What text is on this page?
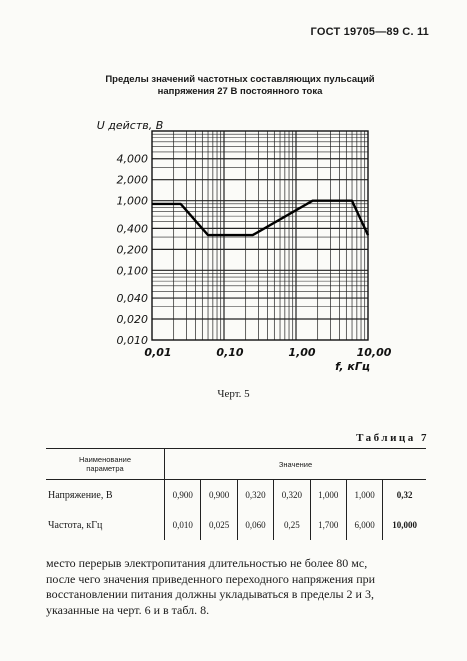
ГОСТ 19705—89 С. 11
Пределы значений частотных составляющих пульсаций
напряжения 27 В постоянного тока
4,000
2,000
1,000
0,400
0,200
0,100
0,040
0,020
0,010
0,01	0,10	1,00	10,00
U действ, В
f, кГц
Черт. 5
Таблица 7
Наименование
параметра	Значение						
Напряжение, В	0,900	0,900	0,320	0,320	1,000	1,000	0,32
Частота, кГц	0,010	0,025	0,060	0,25	1,700	6,000	10,000
место перерыв электропитания длительностью не более 80 мс,
после чего значения приведенного переходного напряжения при
восстановлении питания должны укладываться в пределы 2 и 3,
указанные на черт. 6 и в табл. 8.
